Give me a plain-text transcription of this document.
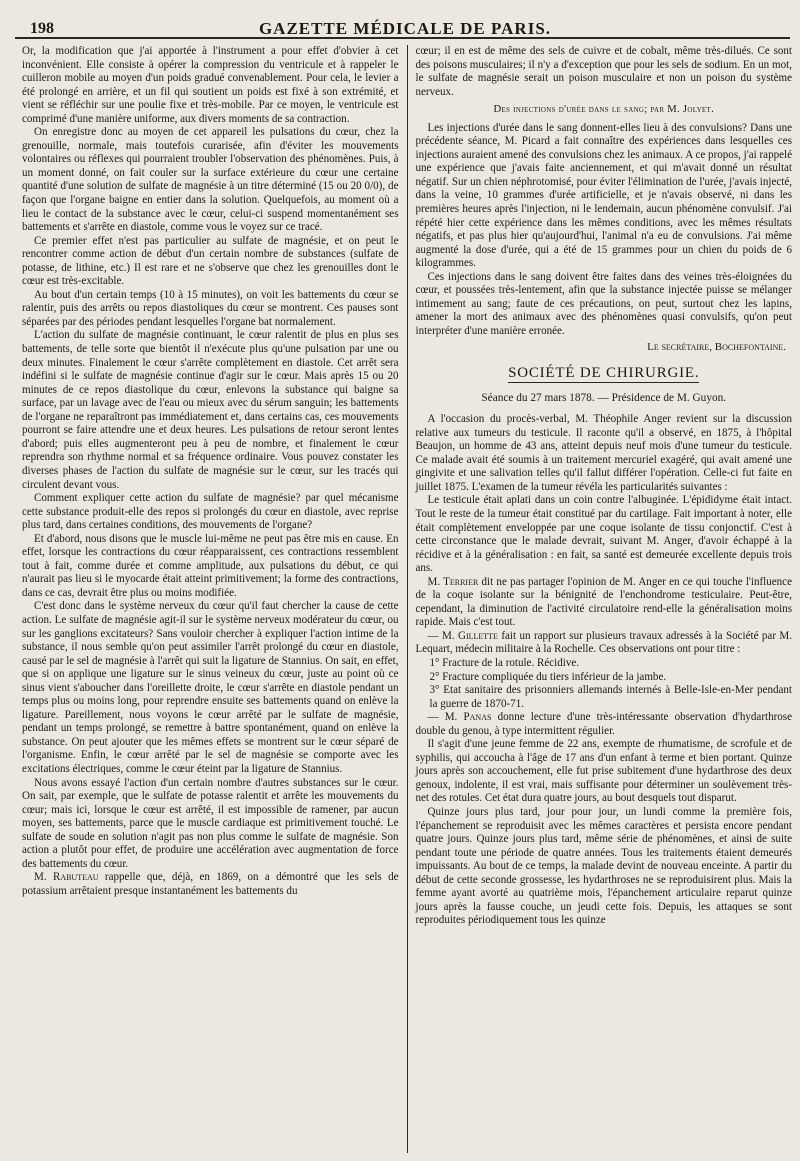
198	GAZETTE MÉDICALE DE PARIS.

Or, la modification que j'ai apportée à l'instrument a pour effet d'obvier à cet inconvénient. Elle consiste à opérer la compression du ventricule et à rappeler le cuilleron mobile au moyen d'un poids gradué convenablement. Pour cela, le levier a été prolongé en arrière, et un fil qui soutient un poids est fixé à son extrémité, et vient se réfléchir sur une poulie fixe et très-mobile. Par ce moyen, le ventricule est comprimé d'une manière uniforme, aux divers moments de sa contraction.

On enregistre donc au moyen de cet appareil les pulsations du cœur, chez la grenouille, normale, mais toutefois curarisée, afin d'éviter les mouvements volontaires ou réflexes qui pourraient troubler l'observation des phénomènes. Puis, à un moment donné, on fait couler sur la surface extérieure du cœur une certaine quantité d'une solution de sulfate de magnésie à un titre déterminé (15 ou 20 0/0), de façon que l'organe baigne en entier dans la solution. Quelquefois, au moment où a lieu le contact de la substance avec le cœur, celui-ci suspend momentanément ses battements et s'arrête en diastole, comme vous le voyez sur ce tracé.

Ce premier effet n'est pas particulier au sulfate de magnésie, et on peut le rencontrer comme action de début d'un certain nombre de substances (sulfate de potasse, de lithine, etc.) Il est rare et ne s'observe que chez les grenouilles dont le cœur est très-excitable.

Au bout d'un certain temps (10 à 15 minutes), on voit les battements du cœur se ralentir, puis des arrêts ou repos diastoliques du cœur se montrent. Ces pauses sont séparées par des périodes pendant lesquelles l'organe bat normalement.

L'action du sulfate de magnésie continuant, le cœur ralentit de plus en plus ses battements, de telle sorte que bientôt il n'exécute plus qu'une pulsation par une ou deux minutes. Finalement le cœur s'arrête complètement en diastole. Cet arrêt sera indéfini si le sulfate de magnésie continue d'agir sur le cœur. Mais après 15 ou 20 minutes de ce repos diastolique du cœur, enlevons la substance qui baigne sa surface, par un lavage avec de l'eau ou mieux avec du sérum sanguin; les battements de l'organe ne reparaîtront pas immédiatement et, dans certains cas, ces mouvements pourront se faire attendre une et deux heures. Les pulsations de retour seront lentes d'abord; puis elles augmenteront peu à peu de nombre, et finalement le cœur reprendra son rhythme normal et sa fréquence ordinaire. Vous pouvez constater les diverses phases de l'action du sulfate de magnésie sur le cœur, sur les tracés qui circulent devant vous.

Comment expliquer cette action du sulfate de magnésie? par quel mécanisme cette substance produit-elle des repos si prolongés du cœur en diastole, avec reprise plus tard, dans certaines conditions, des mouvements de l'organe?

Et d'abord, nous disons que le muscle lui-même ne peut pas être mis en cause. En effet, lorsque les contractions du cœur réapparaissent, ces contractions ressemblent tout à fait, comme durée et comme amplitude, aux pulsations du début, ce qui n'aurait pas lieu si le myocarde était atteint primitivement; la forme des contractions, dans ce cas, devrait être plus ou moins modifiée.

C'est donc dans le système nerveux du cœur qu'il faut chercher la cause de cette action. Le sulfate de magnésie agit-il sur le système nerveux modérateur du cœur, ou sur les ganglions excitateurs? Sans vouloir chercher à expliquer l'action intime de la substance, il nous semble qu'on peut assimiler l'arrêt prolongé du cœur en diastole, causé par le sel de magnésie à l'arrêt qui suit la ligature de Stannius. On sait, en effet, que si on applique une ligature sur le sinus veineux du cœur, juste au point où ce sinus vient s'aboucher dans l'oreillette droite, le cœur s'arrête en diastole pendant un temps plus ou moins long, pour reprendre ensuite ses battements quand on enlève la ligature. Pareillement, nous voyons le cœur arrêté par le sulfate de magnésie, pendant un temps prolongé, se remettre à battre spontanément, quand on enlève la substance. On peut ajouter que les mêmes effets se montrent sur le cœur séparé de l'organisme. Enfin, le cœur arrêté par le sel de magnésie se comporte avec les excitations électriques, comme le cœur éteint par la ligature de Stannius.

Nous avons essayé l'action d'un certain nombre d'autres substances sur le cœur. On sait, par exemple, que le sulfate de potasse ralentit et arrête les mouvements du cœur; mais ici, lorsque le cœur est arrêté, il est impossible de ramener, par aucun moyen, ses battements, parce que le muscle cardiaque est primitivement touché. Le sulfate de soude en solution n'agit pas non plus comme le sulfate de magnésie. Son action a plutôt pour effet, de produire une accélération avec augmentation de force des battements du cœur.

M. Rabuteau rappelle que, déjà, en 1869, on a démontré que les sels de potassium arrêtaient presque instantanément les battements du

cœur; il en est de même des sels de cuivre et de cobalt, même très-dilués. Ce sont des poisons musculaires; il n'y a d'exception que pour les sels de sodium. En un mot, le sulfate de magnésie serait un poison musculaire et non un poison du système nerveux.

Des injections d'urée dans le sang; par M. Jolyet.

Les injections d'urée dans le sang donnent-elles lieu à des convulsions? Dans une précédente séance, M. Picard a fait connaître des expériences dans lesquelles ces injections auraient amené des convulsions chez les animaux. A ce propos, j'ai rappelé une expérience que j'avais faite anciennement, et qui m'avait donné un résultat négatif. Sur un chien néphrotomisé, pour éviter l'élimination de l'urée, j'avais injecté, dans la veine, 10 grammes d'urée artificielle, et je n'avais observé, ni dans les premières heures après l'injection, ni le lendemain, aucun phénomène convulsif. J'ai répété hier cette expérience dans les mêmes conditions, avec les mêmes résultats négatifs, et pas plus hier qu'aujourd'hui, l'animal n'a eu de convulsions. J'ai même augmenté la dose d'urée, qui a été de 15 grammes pour un chien du poids de 6 kilogrammes.

Ces injections dans le sang doivent être faites dans des veines très-éloignées du cœur, et poussées très-lentement, afin que la substance injectée puisse se mélanger intimement au sang; faute de ces précautions, on peut, surtout chez les lapins, amener la mort des animaux avec des phénomènes quasi convulsifs, qu'on peut interpréter d'une manière erronée.

Le secrétaire, Bochefontaine.
SOCIÉTÉ DE CHIRURGIE.
Séance du 27 mars 1878. — Présidence de M. Guyon.

A l'occasion du procès-verbal, M. Théophile Anger revient sur la discussion relative aux tumeurs du testicule. Il raconte qu'il a observé, en 1875, à l'hôpital Beaujon, un homme de 43 ans, atteint depuis neuf mois d'une tumeur du testicule. Ce malade avait été soumis à un traitement mercuriel exagéré, qui avait amené une gingivite et une salivation telles qu'il fallut différer l'opération. Celle-ci fut faite en juillet 1875. L'examen de la tumeur révéla les particularités suivantes :

Le testicule était aplati dans un coin contre l'albuginée. L'épididyme était intact. Tout le reste de la tumeur était constitué par du cartilage. Fait important à noter, elle était complètement enveloppée par une coque isolante de tissu conjonctif. C'est à cette circonstance que le malade devrait, suivant M. Anger, d'avoir échappé à la récidive et à la généralisation : en fait, sa santé est demeurée excellente depuis trois ans.

M. Terrier dit ne pas partager l'opinion de M. Anger en ce qui touche l'influence de la coque isolante sur la bénignité de l'enchondrome testiculaire. Peut-être, cependant, la diminution de l'activité circulatoire rend-elle la généralisation moins rapide. Mais c'est tout.

— M. Gillette fait un rapport sur plusieurs travaux adressés à la Société par M. Lequart, médecin militaire à la Rochelle. Ces observations ont pour titre :

1° Fracture de la rotule. Récidive.

2° Fracture compliquée du tiers inférieur de la jambe.

3° Etat sanitaire des prisonniers allemands internés à Belle-Isle-en-Mer pendant la guerre de 1870-71.

— M. Panas donne lecture d'une très-intéressante observation d'hydarthrose double du genou, à type intermittent régulier.

Il s'agit d'une jeune femme de 22 ans, exempte de rhumatisme, de scrofule et de syphilis, qui accoucha à l'âge de 17 ans d'un enfant à terme et bien portant. Quinze jours après son accouchement, elle fut prise subitement d'une hydarthrose des deux genoux, indolente, il est vrai, mais suffisante pour déterminer un soulèvement très-net des rotules. Cet état dura quatre jours, au bout desquels tout disparut.

Quinze jours plus tard, jour pour jour, un lundi comme la première fois, l'épanchement se reproduisit avec les mêmes caractères et persista encore pendant quatre jours. Quinze jours plus tard, même série de phénomènes, et ainsi de suite pendant toute une période de quatre années. Tous les traitements étaient demeurés impuissants. Au bout de ce temps, la malade devint de nouveau enceinte. A partir du début de cette seconde grossesse, les hydarthroses ne se reproduisirent plus. Mais la femme ayant avorté au quatrième mois, l'épanchement articulaire reparut quinze jours après la fausse couche, un jeudi cette fois. Depuis, les attaques se sont reproduites périodiquement tous les quinze
